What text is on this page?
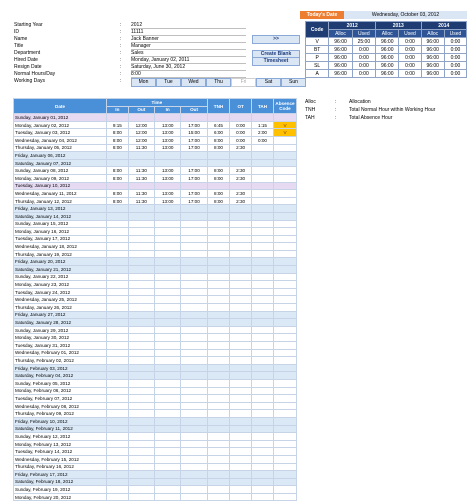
Starting Year	: 2012
ID	: 11111
Name	: Jack Banner
Title	: Manager
Department	: Sales
Hired Date	: Monday, January 02, 2011
Resign Date	: Saturday, June 30, 2012
Normal Hours/Day	: 8:00
Working Days	:
>>
Create Blank
Timesheet
Mon	Tue	Wed	Thu	Fri	Sat	Sun
Today's Date	Wednesday, October 03, 2012
Code	2012		2013		2014	
	Alloc	Used	Alloc	Used	Alloc	Used
V	96:00	25:00	96:00	0:00	96:00	0:00
BT	96:00	0:00	96:00	0:00	96:00	0:00
P	96:00	0:00	96:00	0:00	96:00	0:00
SL	96:00	0:00	96:00	0:00	96:00	0:00
A	96:00	0:00	96:00	0:00	96:00	0:00
Alloc	:	Allocation
TNH	:	Total Normal Hour within Working Hour
TAH	:	Total Absence Hour
Date	Time				TNH	OT	TAH	Absence Code
	In	Out	In	Out				
Sunday, January 01, 2012								
Monday, January 02, 2012	9:15	12:00	13:00	17:00	6:45	0:00	1:15	V
Tuesday, January 03, 2012	8:00	12:00	13:00	15:00	6:00	0:00	2:00	V
Wednesday, January 04, 2012	8:00	12:00	13:00	17:00	8:00	0:00	0:00	
Thursday, January 05, 2012	8:00	11:30	13:00	17:00	8:00	2:30		
Friday, January 06, 2012								
Saturday, January 07, 2012								
Sunday, January 08, 2012	8:00	11:30	13:00	17:00	8:00	2:30		
Monday, January 09, 2012	8:00	11:30	13:00	17:00	8:00	2:30		
Tuesday, January 10, 2012								
Wednesday, January 11, 2012	8:00	11:30	13:00	17:00	8:00	2:30		
Thursday, January 12, 2012	8:00	11:30	13:00	17:00	8:00	2:30		
Friday, January 13, 2012								
Saturday, January 14, 2012								
Sunday, January 15, 2012								
Monday, January 16, 2012								
Tuesday, January 17, 2012								
Wednesday, January 18, 2012								
Thursday, January 19, 2012								
Friday, January 20, 2012								
Saturday, January 21, 2012								
Sunday, January 22, 2012								
Monday, January 23, 2012								
Tuesday, January 24, 2012								
Wednesday, January 25, 2012								
Thursday, January 26, 2012								
Friday, January 27, 2012								
Saturday, January 28, 2012								
Sunday, January 29, 2012								
Monday, January 30, 2012								
Tuesday, January 31, 2012								
Wednesday, February 01, 2012								
Thursday, February 02, 2012								
Friday, February 03, 2012								
Saturday, February 04, 2012								
Sunday, February 05, 2012								
Monday, February 06, 2012								
Tuesday, February 07, 2012								
Wednesday, February 08, 2012								
Thursday, February 09, 2012								
Friday, February 10, 2012								
Saturday, February 11, 2012								
Sunday, February 12, 2012								
Monday, February 13, 2012								
Tuesday, February 14, 2012								
Wednesday, February 15, 2012								
Thursday, February 16, 2012								
Friday, February 17, 2012								
Saturday, February 18, 2012								
Sunday, February 19, 2012								
Monday, February 20, 2012								
